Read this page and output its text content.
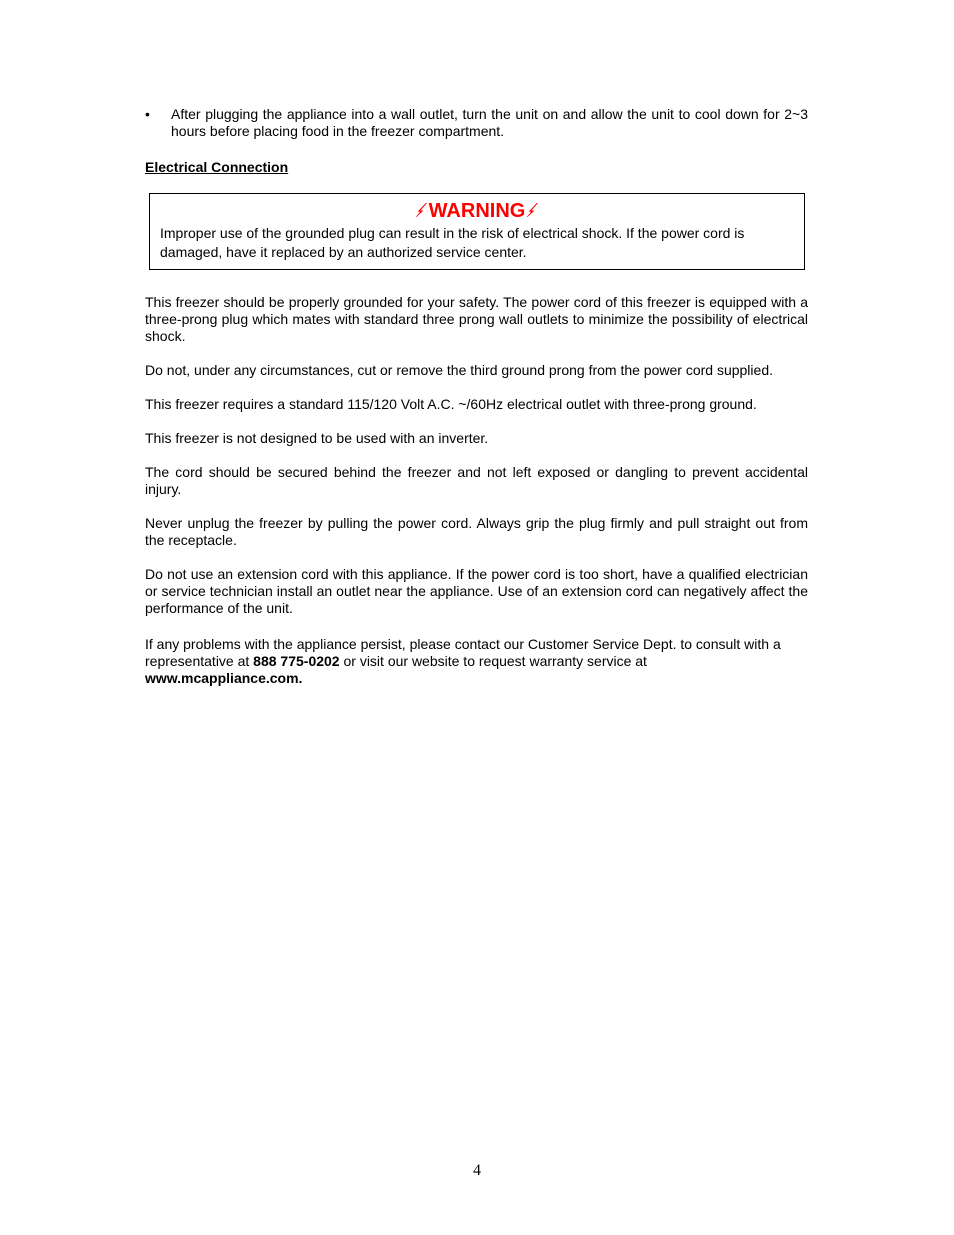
•	After plugging the appliance into a wall outlet, turn the unit on and allow the unit to cool down for 2~3 hours before placing food in the freezer compartment.
Electrical Connection
WARNING

Improper use of the grounded plug can result in the risk of electrical shock. If the power cord is damaged, have it replaced by an authorized service center.

This freezer should be properly grounded for your safety. The power cord of this freezer is equipped with a three-prong plug which mates with standard three prong wall outlets to minimize the possibility of electrical shock.

Do not, under any circumstances, cut or remove the third ground prong from the power cord supplied.

This freezer requires a standard 115/120 Volt A.C. ~/60Hz electrical outlet with three-prong ground.

This freezer is not designed to be used with an inverter.

The cord should be secured behind the freezer and not left exposed or dangling to prevent accidental injury.

Never unplug the freezer by pulling the power cord. Always grip the plug firmly and pull straight out from the receptacle.

Do not use an extension cord with this appliance. If the power cord is too short, have a qualified electrician or service technician install an outlet near the appliance. Use of an extension cord can negatively affect the performance of the unit.

If any problems with the appliance persist, please contact our Customer Service Dept. to consult with a representative at 888 775-0202 or visit our website to request warranty service at
www.mcappliance.com.

4
